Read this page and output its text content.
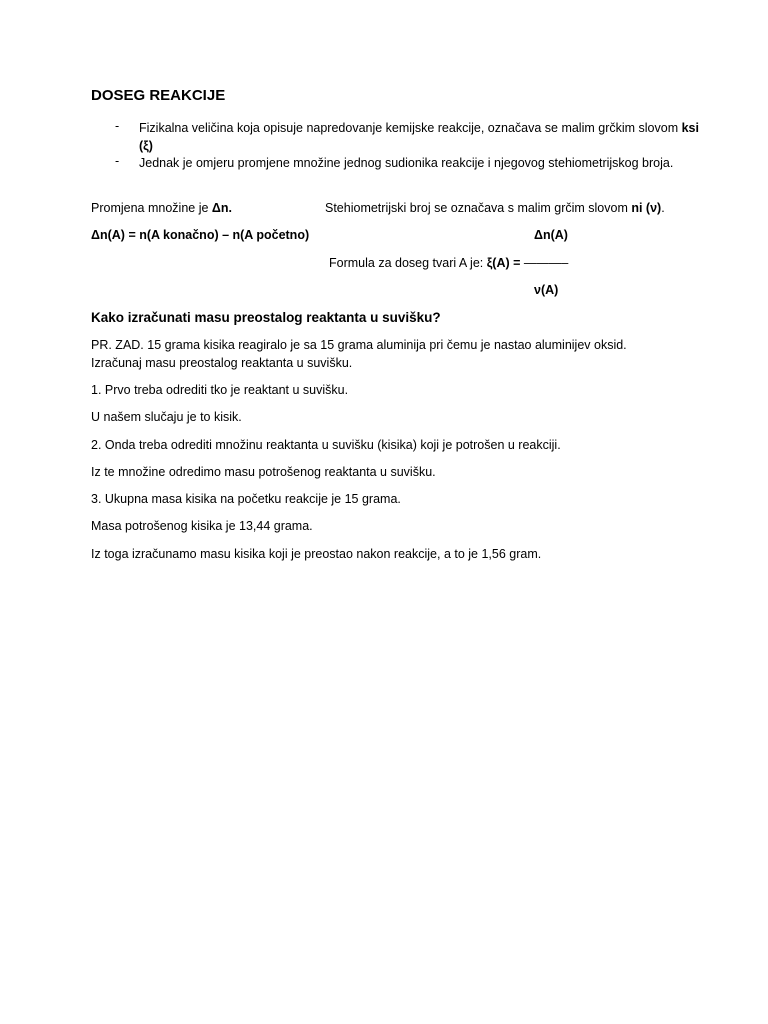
DOSEG REAKCIJE
- Fizikalna veličina koja opisuje napredovanje kemijske reakcije, označava se malim grčkim slovom ksi (ξ)
- Jednak je omjeru promjene množine jednog sudionika reakcije i njegovog stehiometrijskog broja.
Promjena množine je Δn.	Stehiometrijski broj se označava s malim grčim slovom ni (ν).
Δn(A) = n(A konačno) – n(A početno)	Δn(A)
Formula za doseg tvari A je: ξ(A) = ———–
ν(A)
Kako izračunati masu preostalog reaktanta u suvišku?
PR. ZAD. 15 grama kisika reagiralo je sa 15 grama aluminija pri čemu je nastao aluminijev oksid.
Izračunaj masu preostalog reaktanta u suvišku.
1. Prvo treba odrediti tko je reaktant u suvišku.
U našem slučaju je to kisik.
2. Onda treba odrediti množinu reaktanta u suvišku (kisika) koji je potrošen u reakciji.
Iz te množine odredimo masu potrošenog reaktanta u suvišku.
3. Ukupna masa kisika na početku reakcije je 15 grama.
Masa potrošenog kisika je 13,44 grama.
Iz toga izračunamo masu kisika koji je preostao nakon reakcije, a to je 1,56 gram.
